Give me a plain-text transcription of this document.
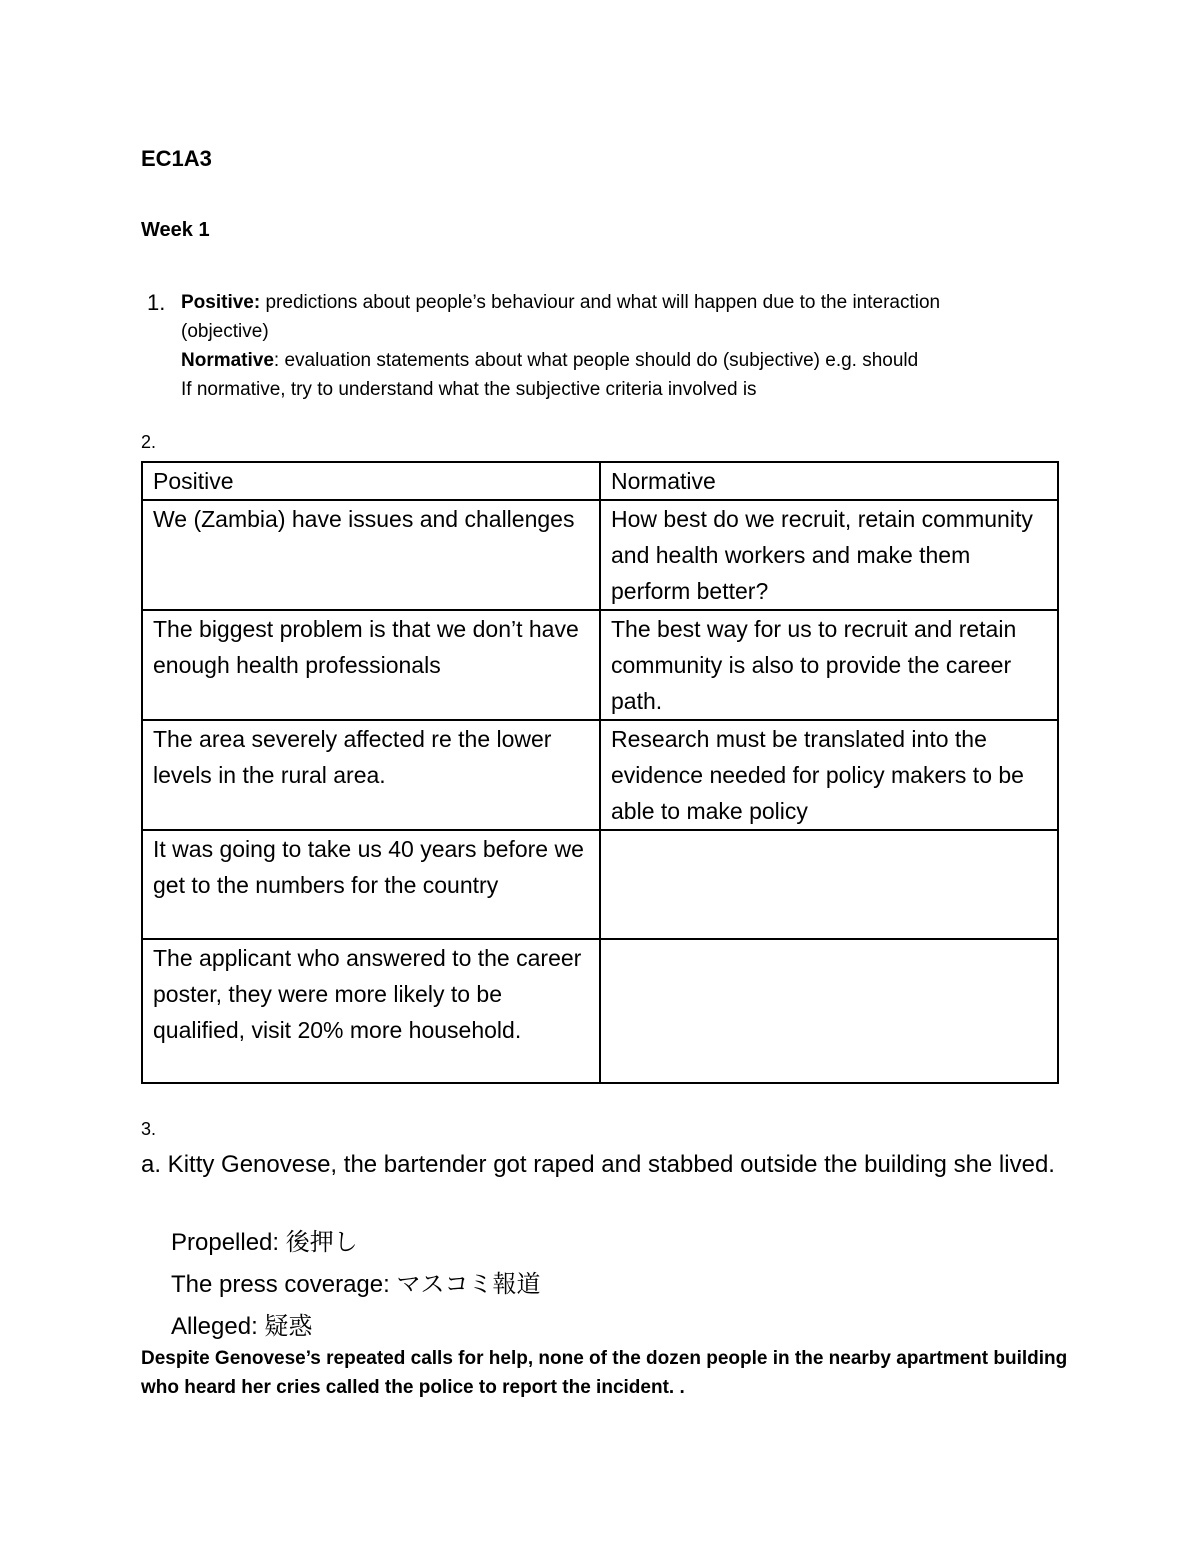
EC1A3
Week 1
1. Positive: predictions about people’s behaviour and what will happen due to the interaction
(objective)
Normative: evaluation statements about what people should do (subjective) e.g. should
If normative, try to understand what the subjective criteria involved is
2.
Positive	Normative
We (Zambia) have issues and challenges	How best do we recruit, retain community and health workers and make them perform better?
The biggest problem is that we don’t have enough health professionals	The best way for us to recruit and retain community is also to provide the career path.
The area severely affected re the lower levels in the rural area.	Research must be translated into the evidence needed for policy makers to be able to make policy
It was going to take us 40 years before we get to the numbers for the country	
The applicant who answered to the career poster, they were more likely to be qualified, visit 20% more household.	
3.
a. Kitty Genovese, the bartender got raped and stabbed outside the building she lived.
Propelled: 後押し
The press coverage: マスコミ報道
Alleged: 疑惑
Despite Genovese’s repeated calls for help, none of the dozen people in the nearby apartment building who heard her cries called the police to report the incident. .
